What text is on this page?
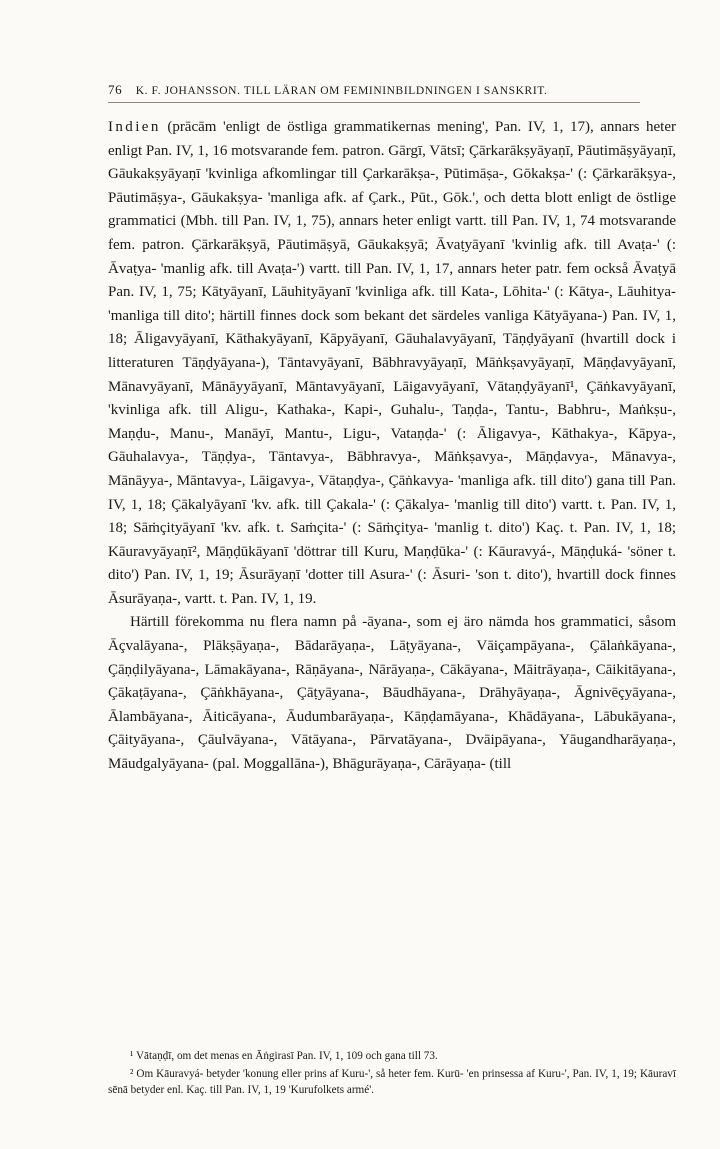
76 K. F. JOHANSSON. TILL LÄRAN OM FEMININBILDNINGEN I SANSKRIT.

Indien (prācām 'enligt de östliga grammatikernas mening', Pan. IV, 1, 17), annars heter enligt Pan. IV, 1, 16 motsvarande fem. patron. Gārgī, Vātsī; Çārkarākṣyāyaṇī, Pāutimāṣyāyaṇī, Gāukakṣyāyaṇī 'kvinliga afkomlingar till Çarkarākṣa-, Pūtimāṣa-, Gōkakṣa-' (: Çārkarākṣya-, Pāutimāṣya-, Gāukakṣya- 'manliga afk. af Çark., Pūt., Gōk.', och detta blott enligt de östlige grammatici (Mbh. till Pan. IV, 1, 75), annars heter enligt vartt. till Pan. IV, 1, 74 motsvarande fem. patron. Çārkarākṣyā, Pāutimāṣyā, Gāukakṣyā; Āvaṭyāyanī 'kvinlig afk. till Avaṭa-' (: Āvaṭya- 'manlig afk. till Avaṭa-') vartt. till Pan. IV, 1, 17, annars heter patr. fem också Āvaṭyā Pan. IV, 1, 75; Kātyāyanī, Lāuhityāyanī 'kvinliga afk. till Kata-, Lōhita-' (: Kātya-, Lāuhitya- 'manliga till dito'; härtill finnes dock som bekant det särdeles vanliga Kātyāyana-) Pan. IV, 1, 18; Āligavyāyanī, Kāthakyāyanī, Kāpyāyanī, Gāuhalavyāyanī, Tāṇḍyāyanī (hvartill dock i litteraturen Tāṇḍyāyana-), Tāntavyāyanī, Bābhravyāyaṇī, Māṅkṣavyāyaṇī, Māṇḍavyāyanī, Mānavyāyanī, Mānāyyāyanī, Māntavyāyanī, Lāigavyāyanī, Vātaṇḍyāyanī¹, Çāṅkavyāyanī, 'kvinliga afk. till Aligu-, Kathaka-, Kapi-, Guhalu-, Taṇḍa-, Tantu-, Babhru-, Maṅkṣu-, Maṇḍu-, Manu-, Manāyī, Mantu-, Ligu-, Vataṇḍa-' (: Āligavya-, Kāthakya-, Kāpya-, Gāuhalavya-, Tāṇḍya-, Tāntavya-, Bābhravya-, Māṅkṣavya-, Māṇḍavya-, Mānavya-, Mānāyya-, Māntavya-, Lāigavya-, Vātaṇḍya-, Çāṅkavya- 'manliga afk. till dito') gana till Pan. IV, 1, 18; Çākalyāyanī 'kv. afk. till Çakala-' (: Çākalya- 'manlig till dito') vartt. t. Pan. IV, 1, 18; Sāṁçityāyanī 'kv. afk. t. Saṁçita-' (: Sāṁçitya- 'manlig t. dito') Kaç. t. Pan. IV, 1, 18; Kāuravyāyaṇī², Māṇḍūkāyanī 'döttrar till Kuru, Maṇḍūka-' (: Kāuravyá-, Māṇḍuká- 'söner t. dito') Pan. IV, 1, 19; Āsurāyaṇī 'dotter till Asura-' (: Āsuri- 'son t. dito'), hvartill dock finnes Āsurāyaṇa-, vartt. t. Pan. IV, 1, 19.

Härtill förekomma nu flera namn på -āyana-, som ej äro nämda hos grammatici, såsom Āçvalāyana-, Plākṣāyaṇa-, Bādarāyaṇa-, Lāṭyāyana-, Vāiçampāyana-, Çālaṅkāyana-, Çāṇḍilyāyana-, Lāmakāyana-, Rāṇāyana-, Nārāyaṇa-, Cākāyana-, Māitrāyaṇa-, Cāikitāyana-, Çākaṭāyana-, Çāṅkhāyana-, Çāṭyāyana-, Bāudhāyana-, Drāhyāyaṇa-, Āgnivēçyāyana-, Ālambāyana-, Āiticāyana-, Āudumbarāyaṇa-, Kāṇḍamāyana-, Khādāyana-, Lābukāyana-, Çāityāyana-, Çāulvāyana-, Vātāyana-, Pārvatāyana-, Dvāipāyana-, Yāugandharāyaṇa-, Māudgalyāyana- (pal. Moggallāna-), Bhāgurāyaṇa-, Cārāyaṇa- (till

¹ Vātaṇḍī, om det menas en Āṅgirasī Pan. IV, 1, 109 och gana till 73.

² Om Kāuravyá- betyder 'konung eller prins af Kuru-', så heter fem. Kurū- 'en prinsessa af Kuru-', Pan. IV, 1, 19; Kāuravī sēnā betyder enl. Kaç. till Pan. IV, 1, 19 'Kurufolkets armé'.
